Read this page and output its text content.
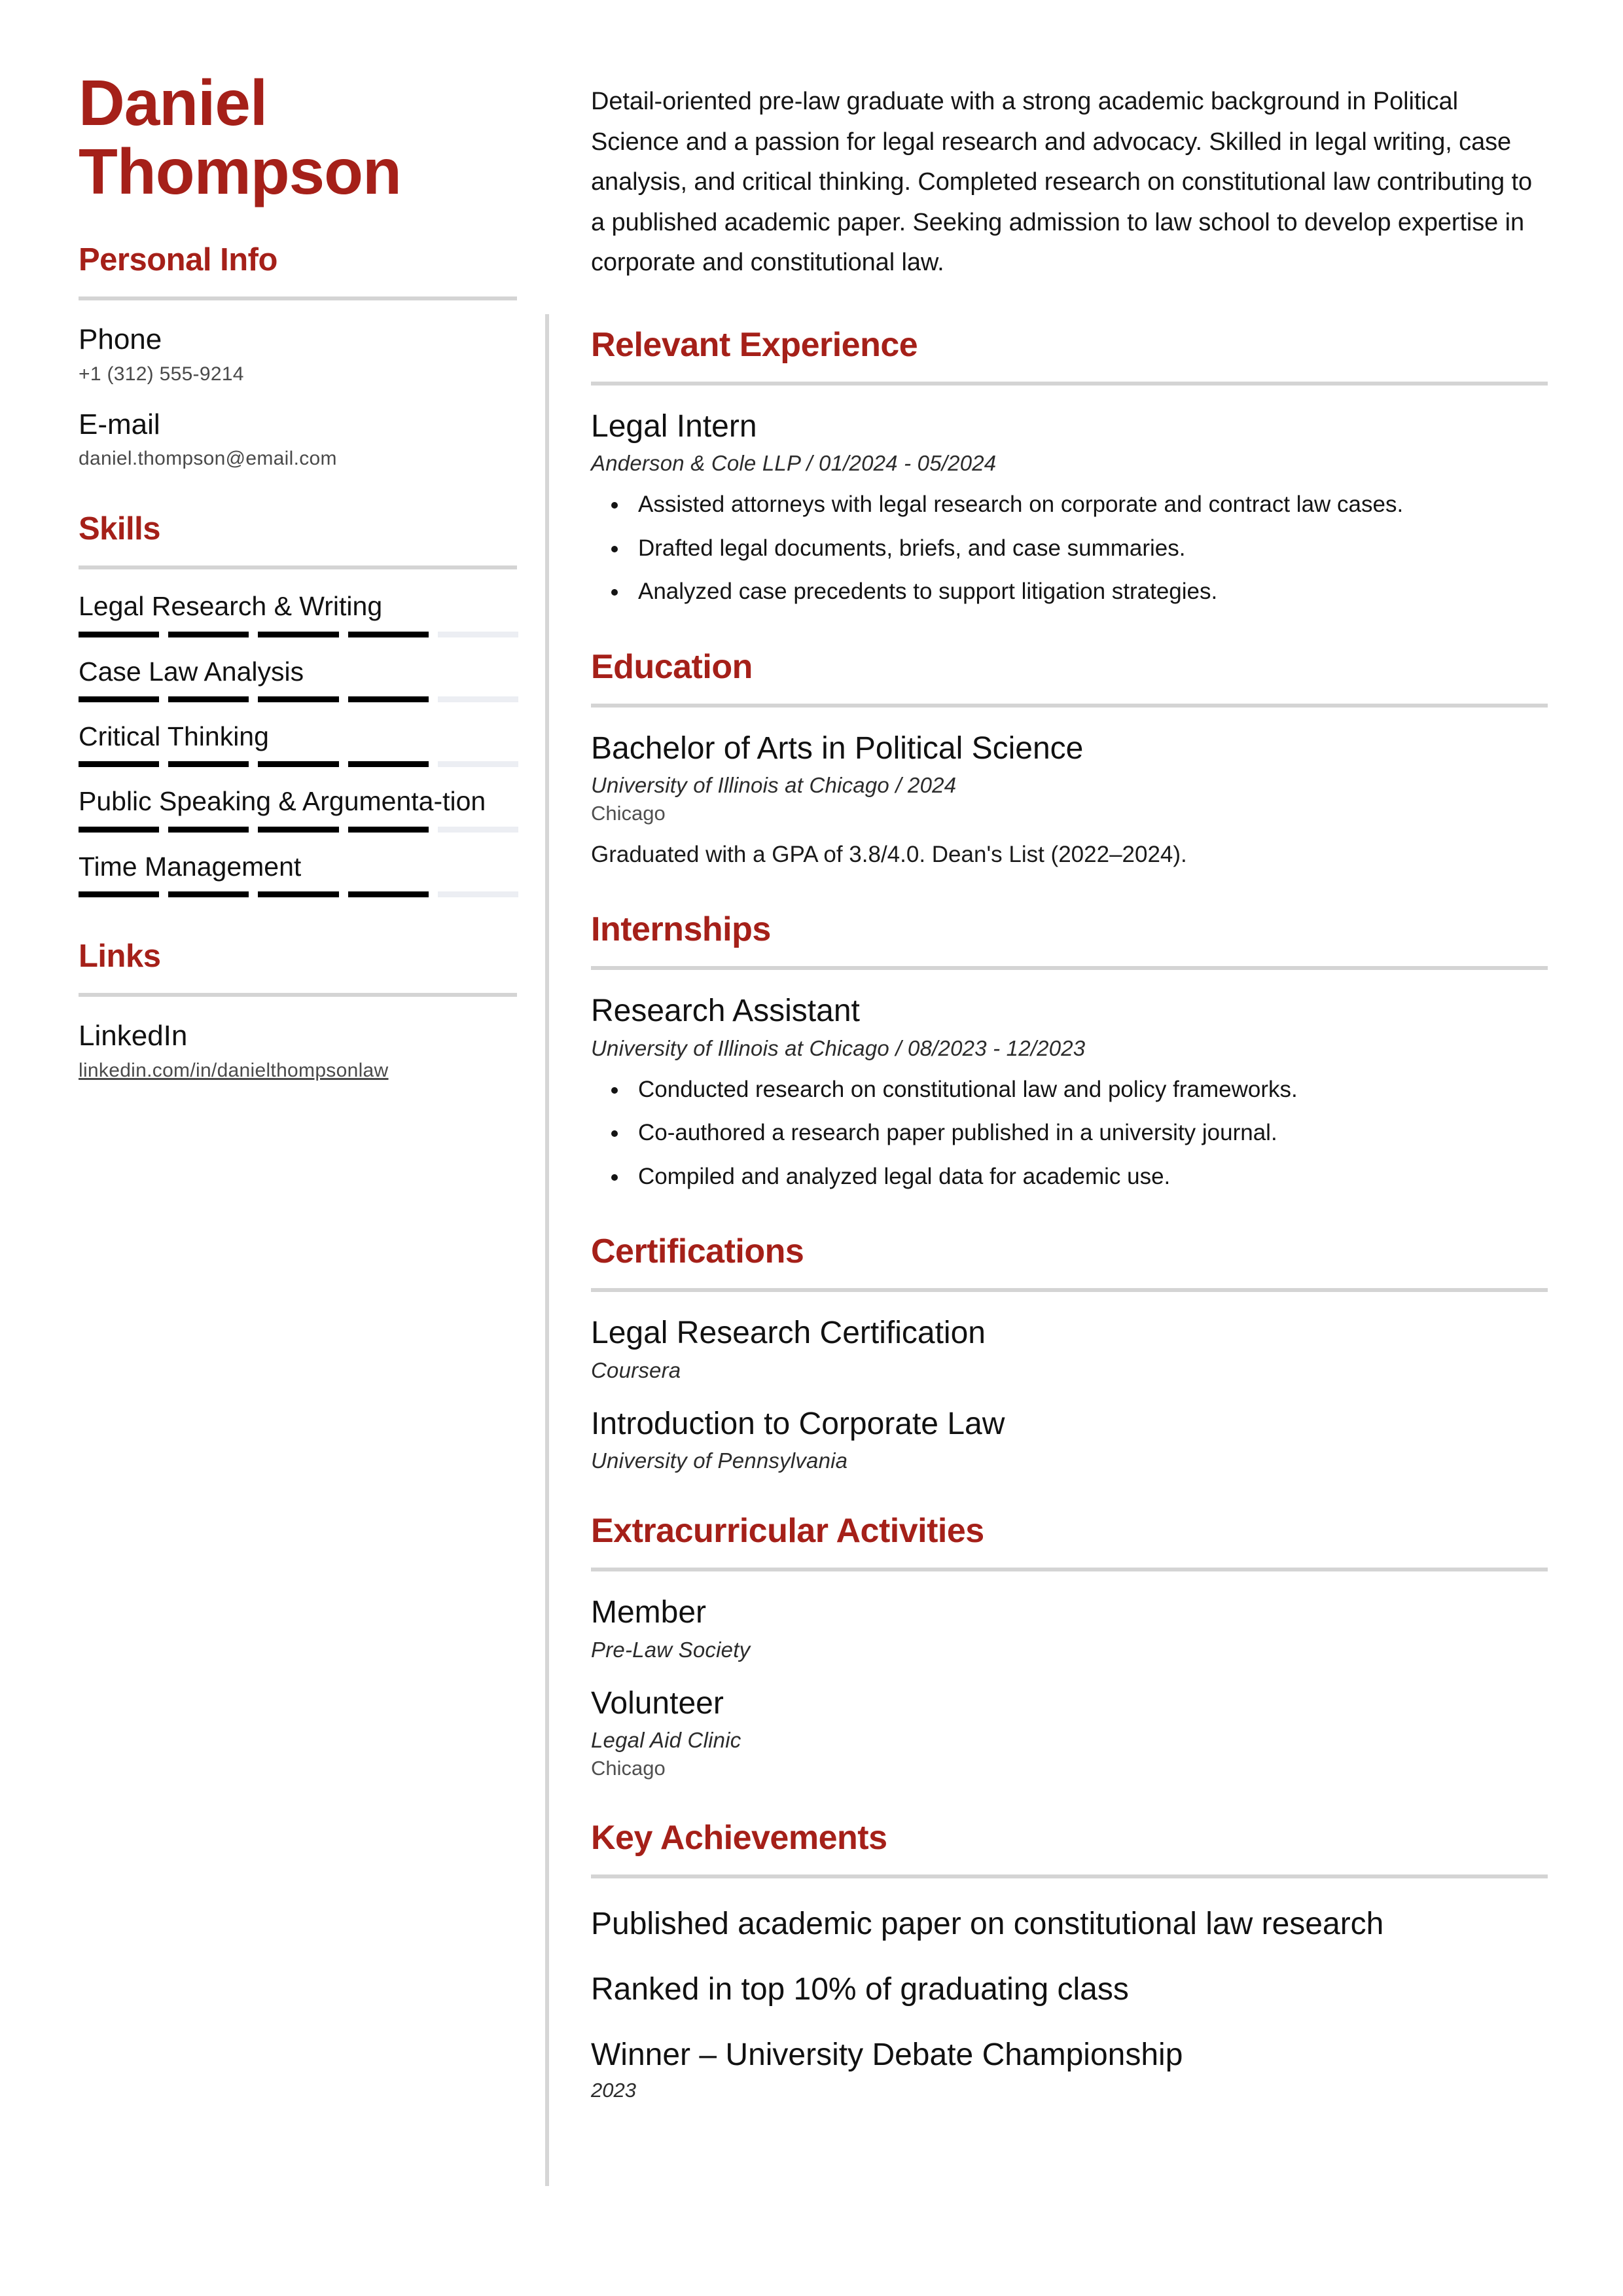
Daniel
Thompson
Personal Info
Phone
+1 (312) 555-9214
E-mail
daniel.thompson@email.com
Skills
Legal Research & Writing
Case Law Analysis
Critical Thinking
Public Speaking & Argumenta-tion
Time Management
Links
LinkedIn
linkedin.com/in/danielthompsonlaw

Detail-oriented pre-law graduate with a strong academic background in Political Science and a passion for legal research and advocacy. Skilled in legal writing, case analysis, and critical thinking. Completed research on constitutional law contributing to a published academic paper. Seeking admission to law school to develop expertise in corporate and constitutional law.

Relevant Experience
Legal Intern
Anderson & Cole LLP / 01/2024 - 05/2024
• Assisted attorneys with legal research on corporate and contract law cases.
• Drafted legal documents, briefs, and case summaries.
• Analyzed case precedents to support litigation strategies.
Education
Bachelor of Arts in Political Science
University of Illinois at Chicago / 2024
Chicago
Graduated with a GPA of 3.8/4.0. Dean's List (2022–2024).
Internships
Research Assistant
University of Illinois at Chicago / 08/2023 - 12/2023
• Conducted research on constitutional law and policy frameworks.
• Co-authored a research paper published in a university journal.
• Compiled and analyzed legal data for academic use.
Certifications
Legal Research Certification
Coursera
Introduction to Corporate Law
University of Pennsylvania
Extracurricular Activities
Member
Pre-Law Society
Volunteer
Legal Aid Clinic
Chicago
Key Achievements
Published academic paper on constitutional law research
Ranked in top 10% of graduating class
Winner – University Debate Championship
2023
